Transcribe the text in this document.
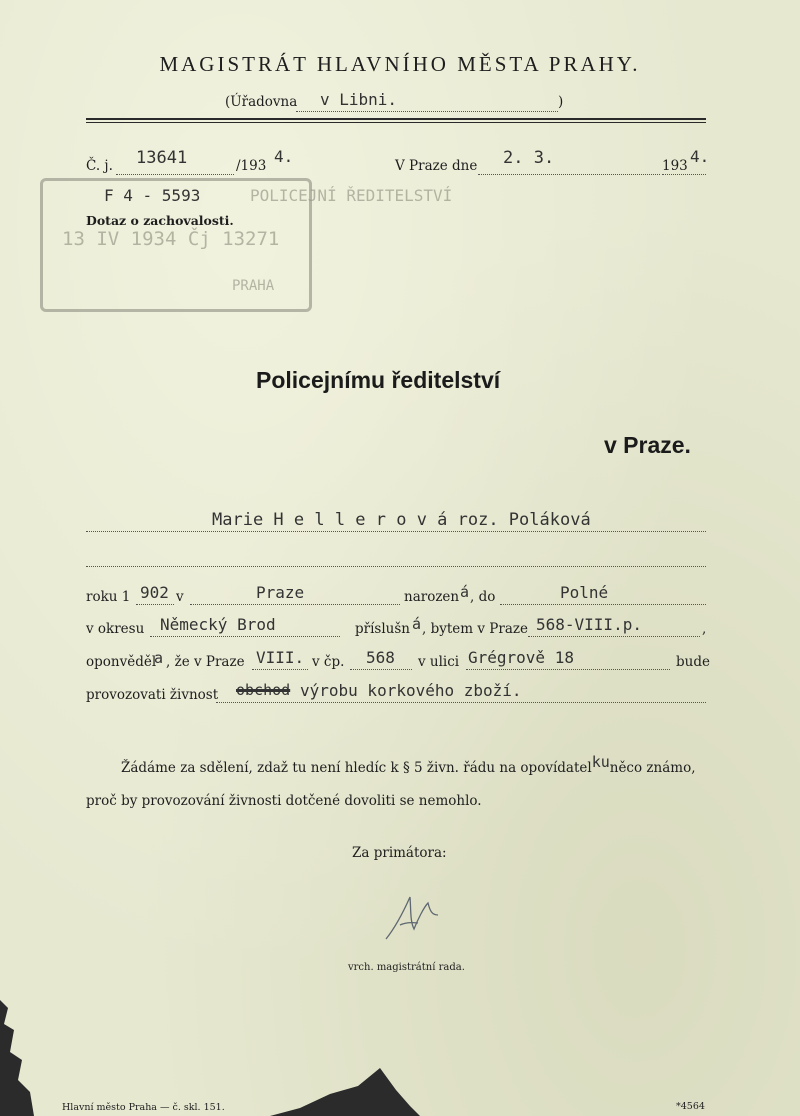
MAGISTRÁT HLAVNÍHO MĚSTA PRAHY.
(Úřadovna v Libni.	)
Č. j. 13641	/193 4.	V Praze dne 2. 3.	193 4.
POLICEJNÍ ŘEDITELSTVÍ
13 IV 1934 Čj 13271
PRAHA
F 4 - 5593
Dotaz o zachovalosti.
Policejnímu ředitelství
v Praze.
Marie H e l l e r o v á roz. Poláková
roku 1 902 v	Praze	narozen á , do	Polné
v okresu Německý Brod	příslušn á , bytem v Praze 568-VIII.p.	,
oponvěděl
a , že v Praze VIII. v čp. 568 v ulici Grégrově 18	bude
provozovati živnost obchod výrobu korkového zboží.
Žádáme za sdělení, zdaž tu není hledíc k § 5 živn. řádu na opovídatelkuněco známo,
proč by provozování živnosti dotčené dovoliti se nemohlo.
Za primátora:
vrch. magistrátní rada.
Hlavní město Praha — č. skl. 151.	*4564
